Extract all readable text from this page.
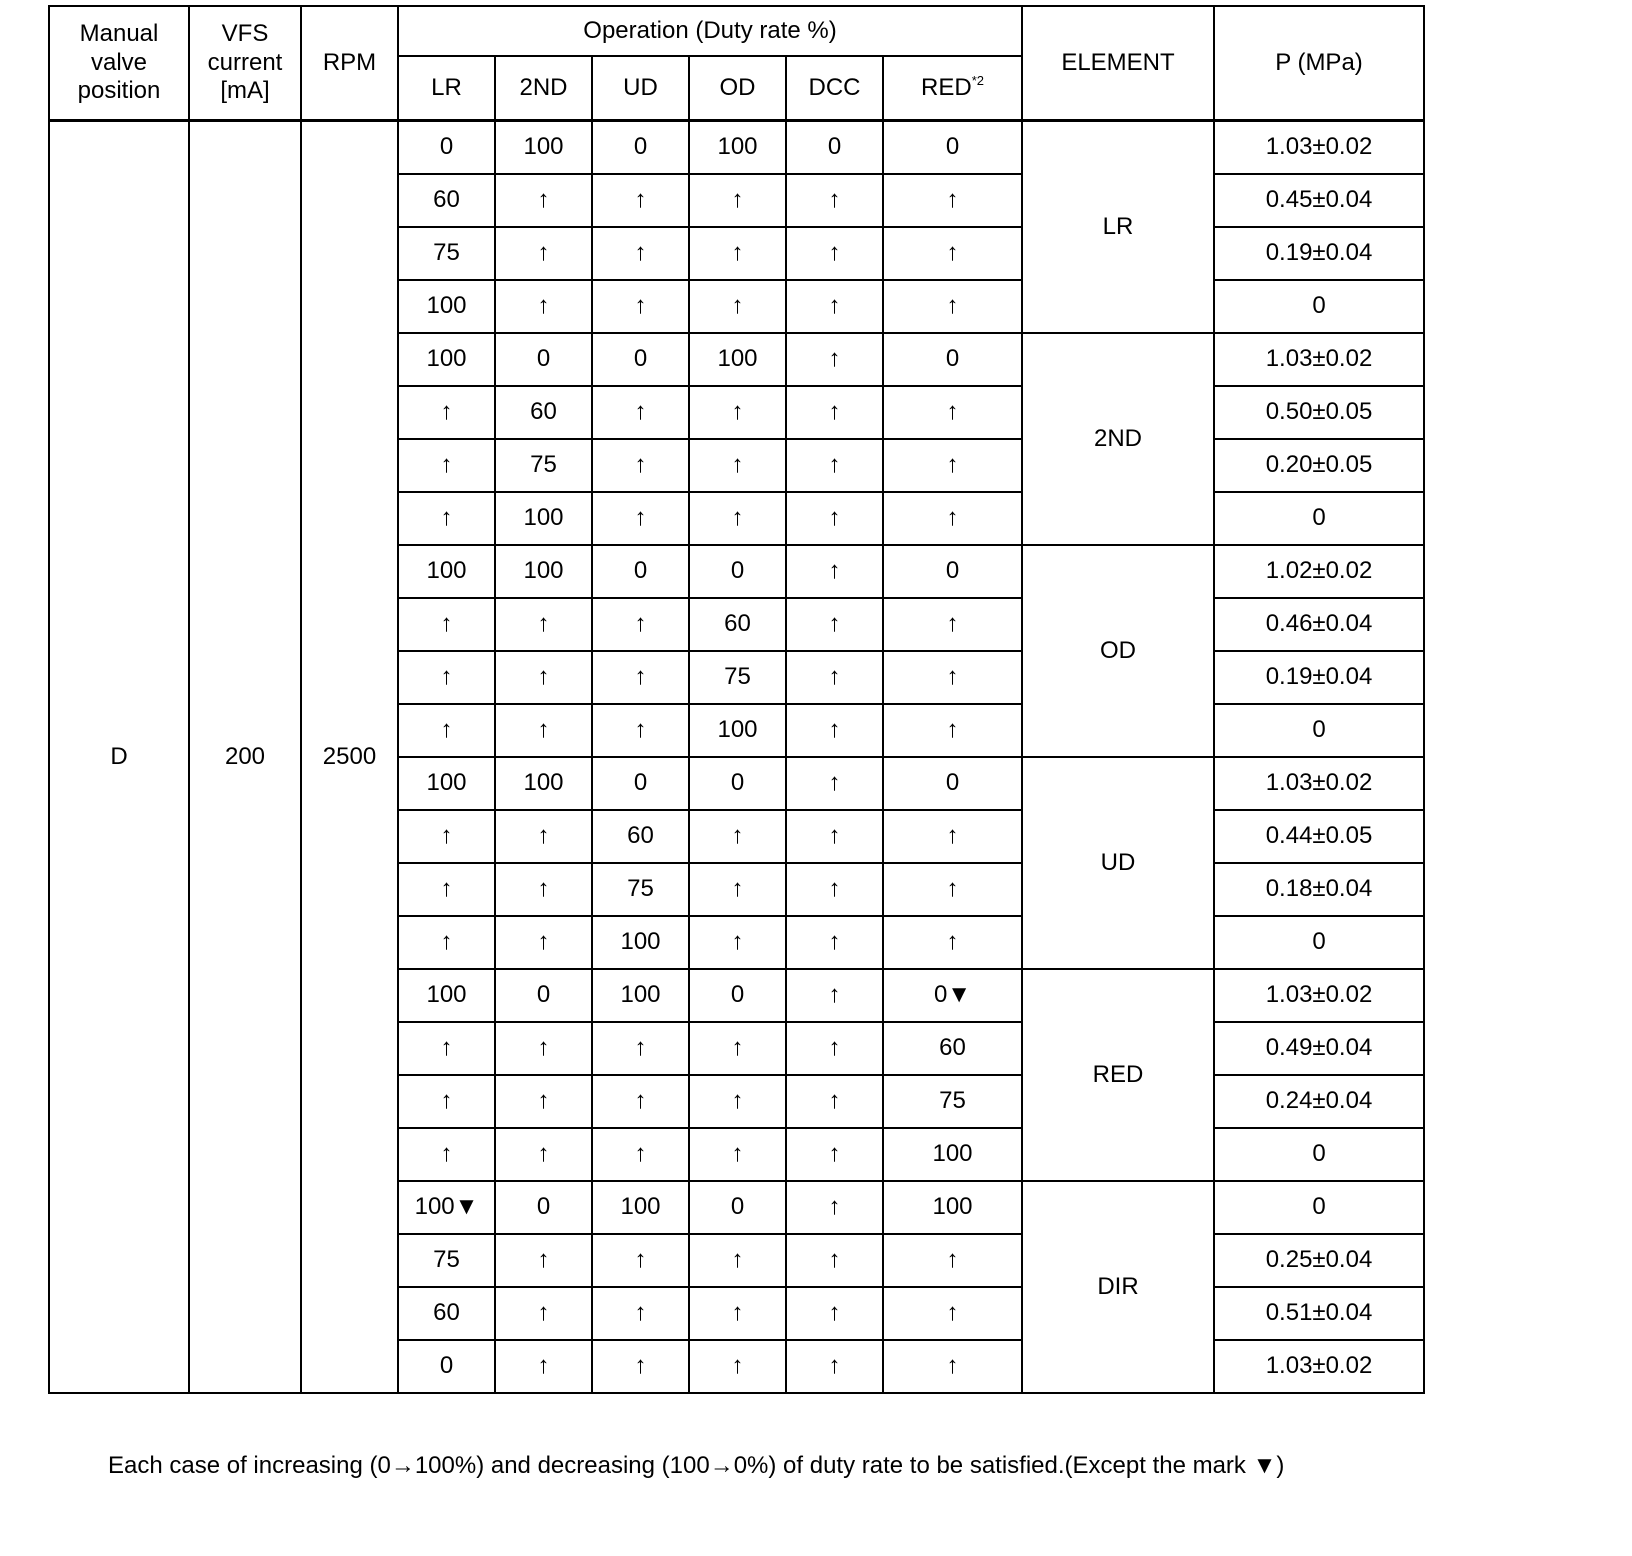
Manual valve position	VFS current [mA]	RPM	Operation (Duty rate %)						ELEMENT	P (MPa)
			LR	2ND	UD	OD	DCC	RED$^{*2}$
D	200	2500	0	100	0	100	0	0	LR	1.03±0.02
			60	↑	↑	↑	↑	↑		0.45±0.04
			75	↑	↑	↑	↑	↑		0.19±0.04
			100	↑	↑	↑	↑	↑		0
			100	0	0	100	↑	0	2ND	1.03±0.02
			↑	60	↑	↑	↑	↑		0.50±0.05
			↑	75	↑	↑	↑	↑		0.20±0.05
			↑	100	↑	↑	↑	↑		0
			100	100	0	0	↑	0	OD	1.02±0.02
			↑	↑	↑	60	↑	↑		0.46±0.04
			↑	↑	↑	75	↑	↑		0.19±0.04
			↑	↑	↑	100	↑	↑		0
			100	100	0	0	↑	0	UD	1.03±0.02
			↑	↑	60	↑	↑	↑		0.44±0.05
			↑	↑	75	↑	↑	↑		0.18±0.04
			↑	↑	100	↑	↑	↑		0
			100	0	100	0	↑	0▼	RED	1.03±0.02
			↑	↑	↑	↑	↑	60		0.49±0.04
			↑	↑	↑	↑	↑	75		0.24±0.04
			↑	↑	↑	↑	↑	100		0
			100▼	0	100	0	↑	100	DIR	0
			75	↑	↑	↑	↑	↑		0.25±0.04
			60	↑	↑	↑	↑	↑		0.51±0.04
			0	↑	↑	↑	↑	↑		1.03±0.02
Each case of increasing (0→100%) and decreasing (100→0%) of duty rate to be satisfied.(Except the mark ▼)
